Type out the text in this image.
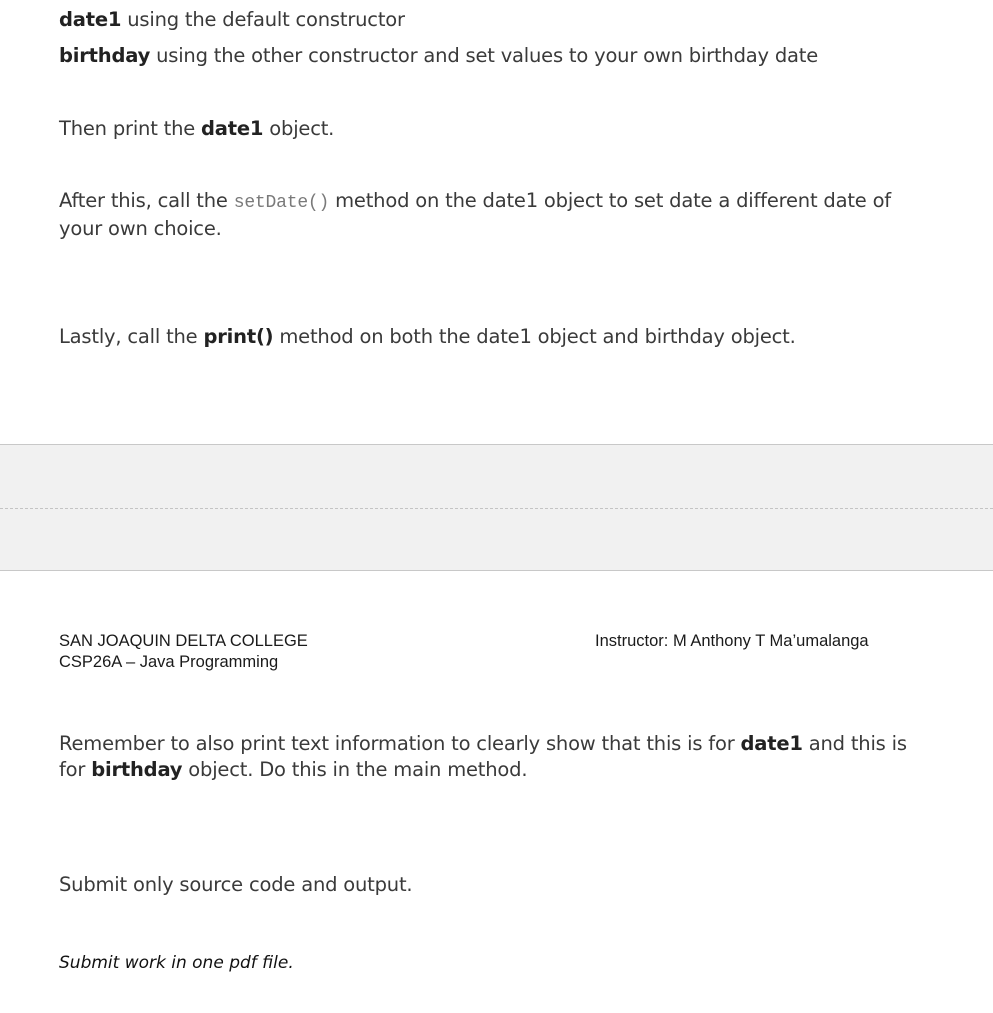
date1 using the default constructor
birthday using the other constructor and set values to your own birthday date
Then print the date1 object.
After this, call the setDate() method on the date1 object to set date a different date of your own choice.
Lastly, call the print() method on both the date1 object and birthday object.
SAN JOAQUIN DELTA COLLEGE
CSP26A – Java Programming
Instructor: M Anthony T Ma’umalanga
Remember to also print text information to clearly show that this is for date1 and this is for birthday object. Do this in the main method.
Submit only source code and output.
Submit work in one pdf file.
